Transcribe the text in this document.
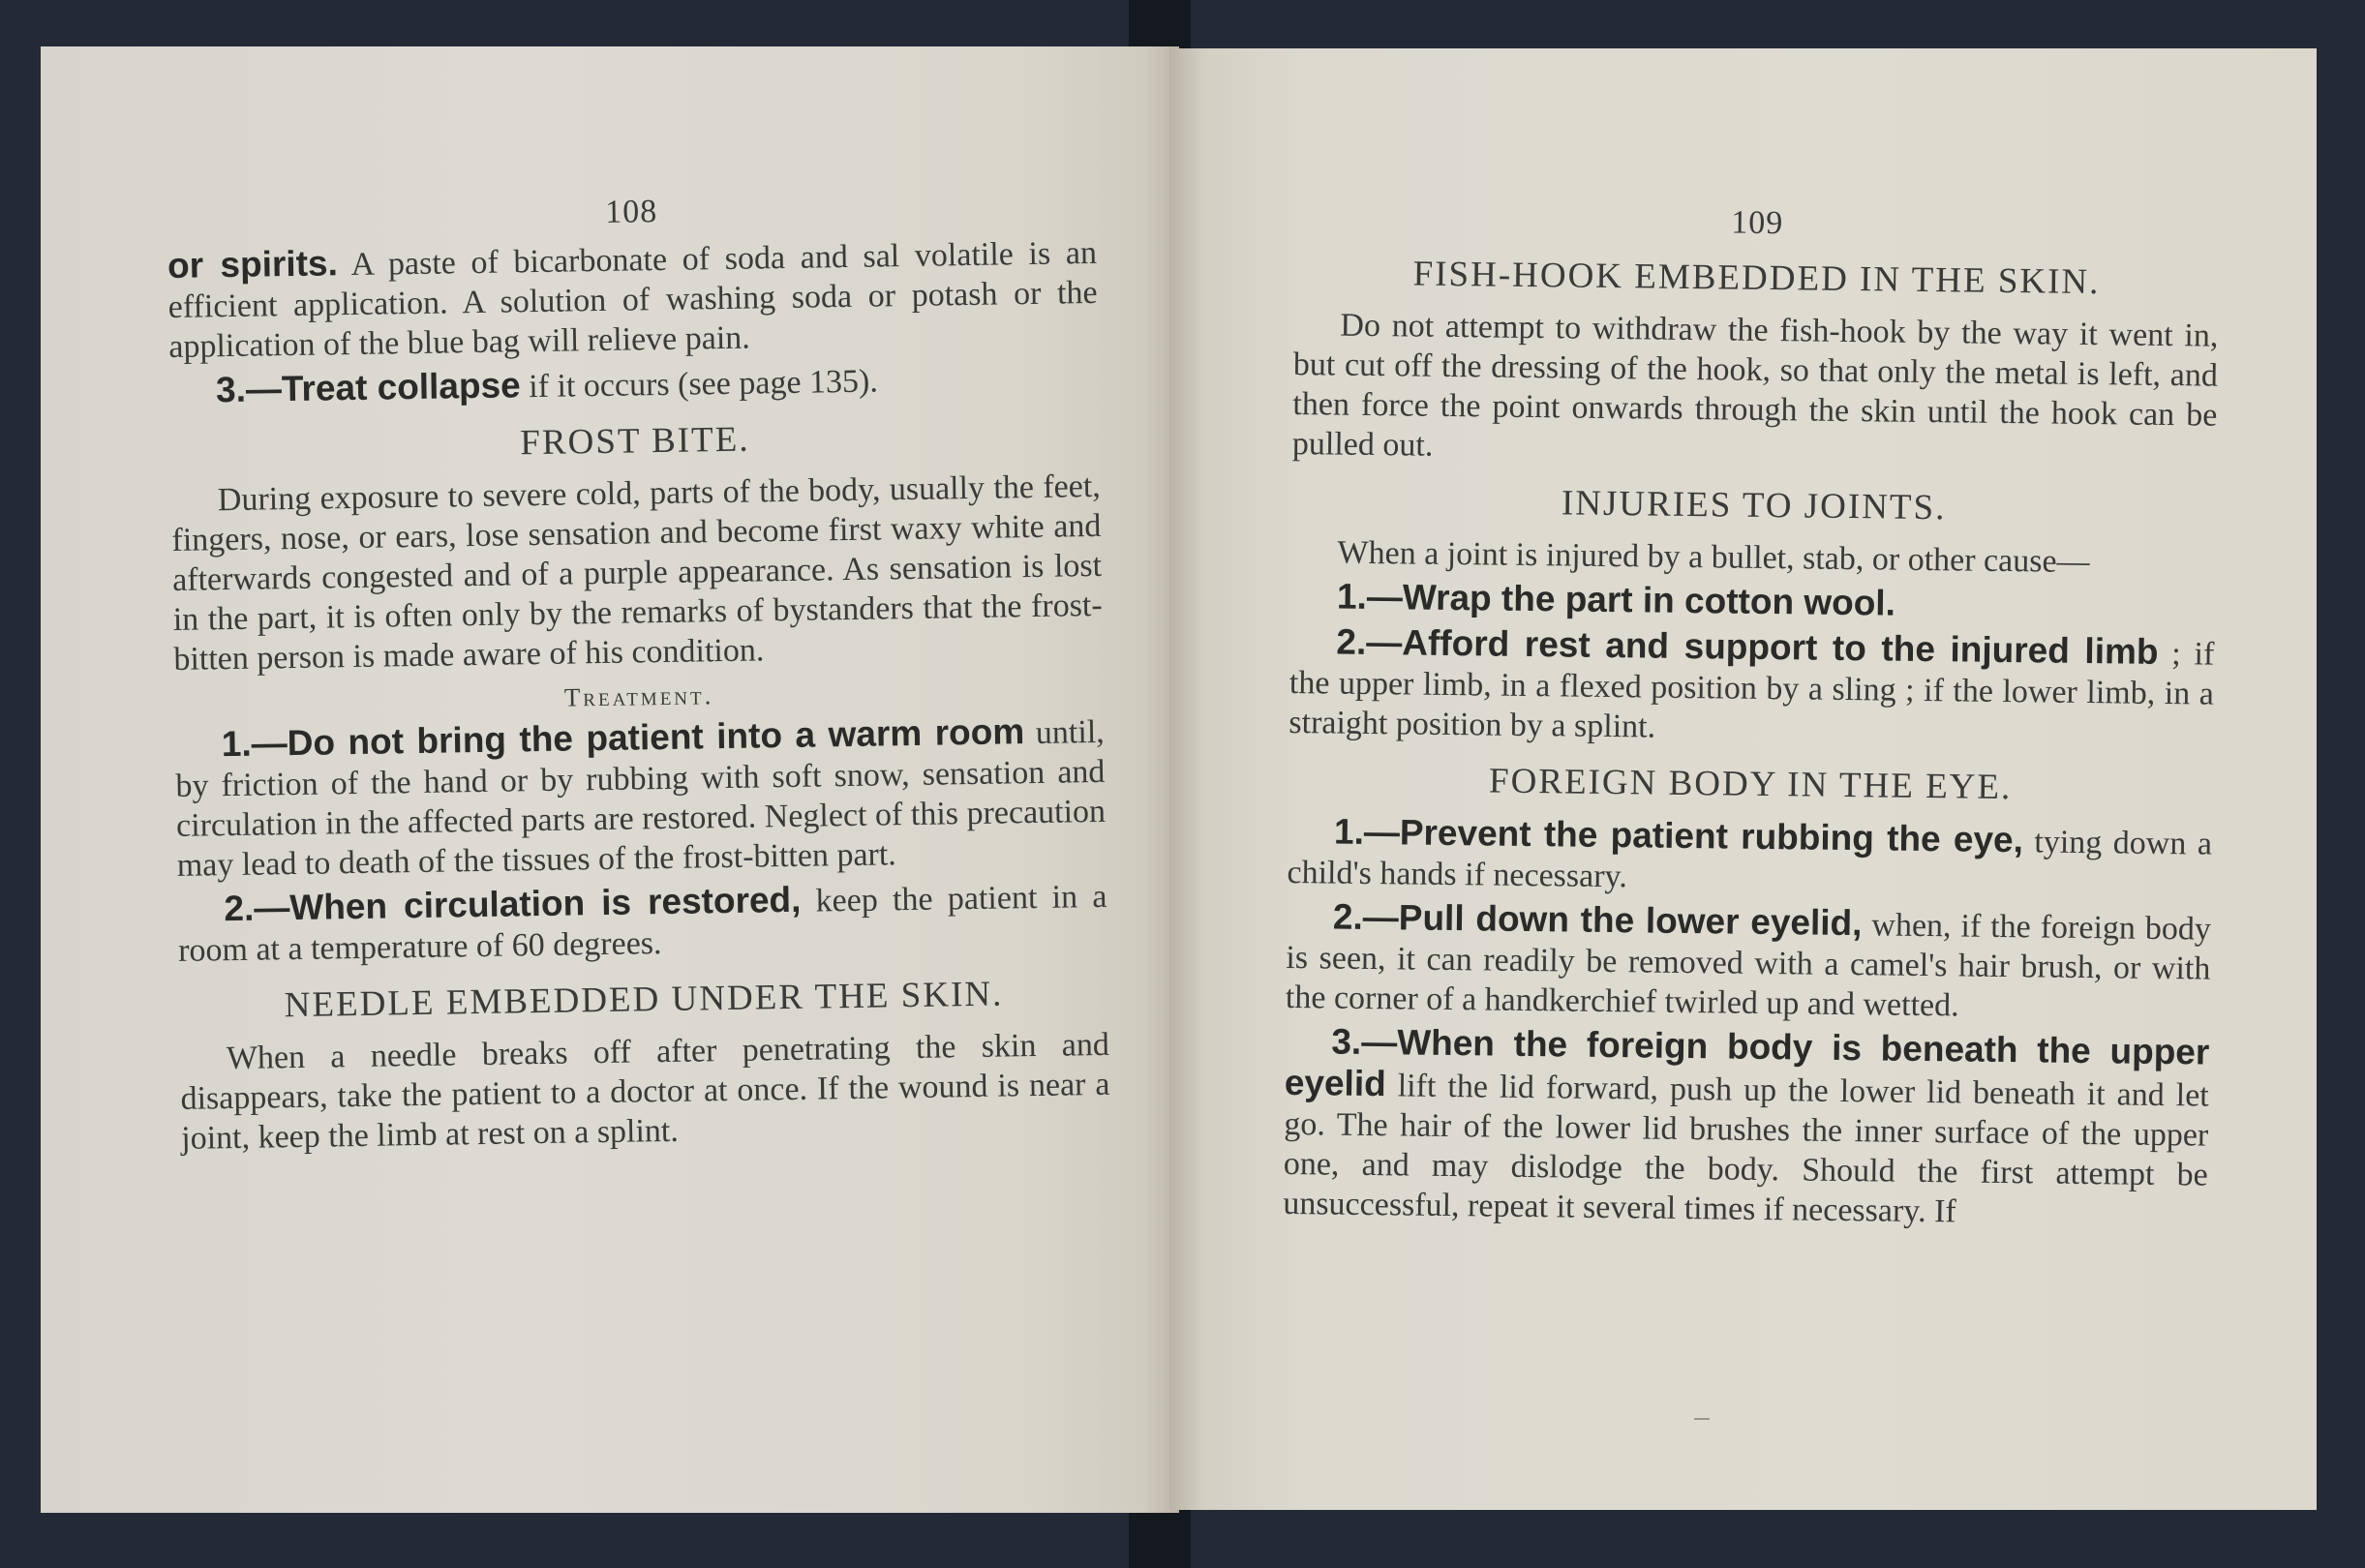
108

or spirits. A paste of bicarbonate of soda and sal volatile is an efficient application. A solution of washing soda or potash or the application of the blue bag will relieve pain.

3.—Treat collapse if it occurs (see page 135).

FROST BITE.

During exposure to severe cold, parts of the body, usually the feet, fingers, nose, or ears, lose sensation and become first waxy white and afterwards congested and of a purple appearance. As sensation is lost in the part, it is often only by the remarks of bystanders that the frost-bitten person is made aware of his condition.

Treatment.

1.—Do not bring the patient into a warm room until, by friction of the hand or by rubbing with soft snow, sensation and circulation in the affected parts are restored. Neglect of this precaution may lead to death of the tissues of the frost-bitten part.

2.—When circulation is restored, keep the patient in a room at a temperature of 60 degrees.

NEEDLE EMBEDDED UNDER THE SKIN.

When a needle breaks off after penetrating the skin and disappears, take the patient to a doctor at once. If the wound is near a joint, keep the limb at rest on a splint.

109
FISH-HOOK EMBEDDED IN THE SKIN.

Do not attempt to withdraw the fish-hook by the way it went in, but cut off the dressing of the hook, so that only the metal is left, and then force the point onwards through the skin until the hook can be pulled out.

INJURIES TO JOINTS.

When a joint is injured by a bullet, stab, or other cause—

1.—Wrap the part in cotton wool.

2.—Afford rest and support to the injured limb ; if the upper limb, in a flexed position by a sling ; if the lower limb, in a straight position by a splint.

FOREIGN BODY IN THE EYE.

1.—Prevent the patient rubbing the eye, tying down a child's hands if necessary.

2.—Pull down the lower eyelid, when, if the foreign body is seen, it can readily be removed with a camel's hair brush, or with the corner of a handkerchief twirled up and wetted.

3.—When the foreign body is beneath the upper eyelid lift the lid forward, push up the lower lid beneath it and let go. The hair of the lower lid brushes the inner surface of the upper one, and may dislodge the body. Should the first attempt be unsuccessful, repeat it several times if necessary. If
